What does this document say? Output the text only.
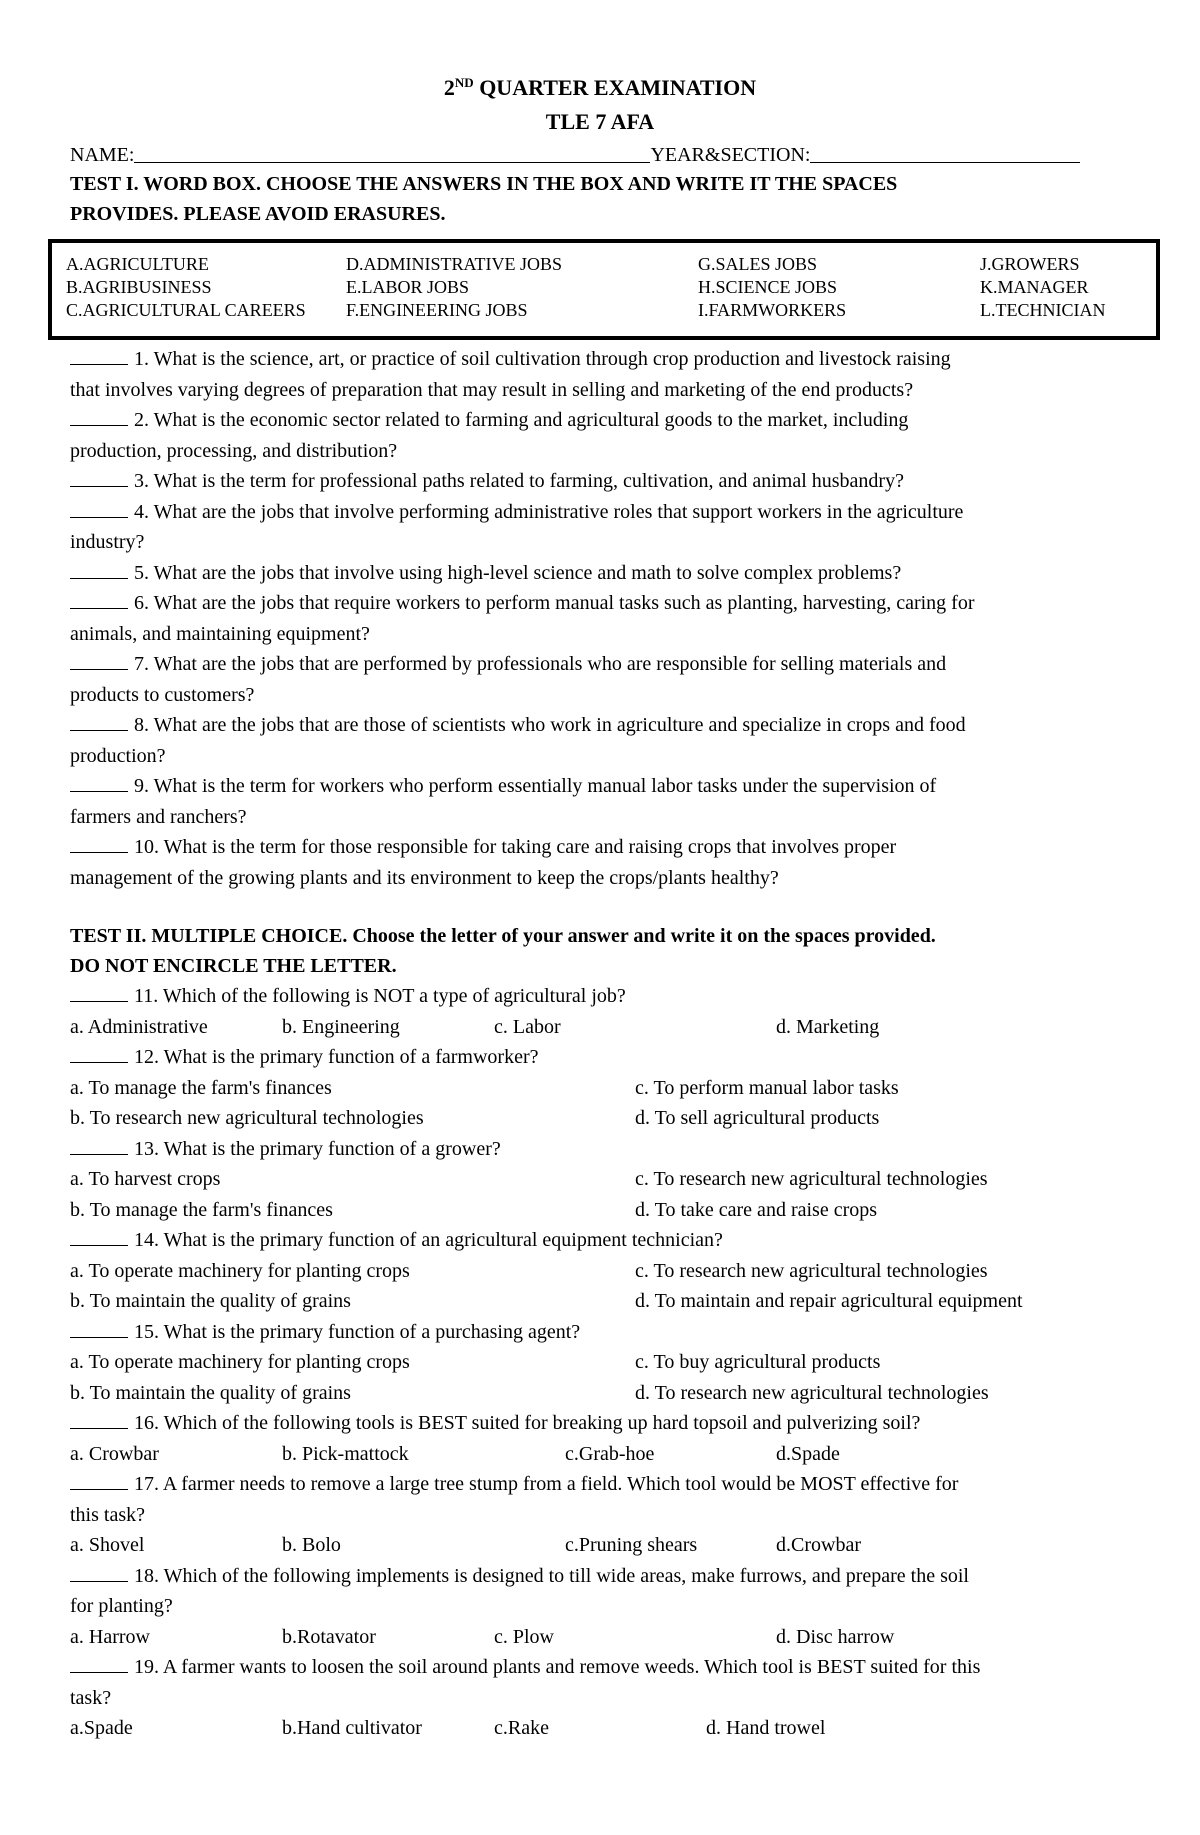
2ND QUARTER EXAMINATION
TLE 7 AFA
NAME:	YEAR&SECTION:
TEST I. WORD BOX. CHOOSE THE ANSWERS IN THE BOX AND WRITE IT THE SPACES
PROVIDES. PLEASE AVOID ERASURES.
A.AGRICULTURE	D.ADMINISTRATIVE JOBS	G.SALES JOBS	J.GROWERS
B.AGRIBUSINESS	E.LABOR JOBS	H.SCIENCE JOBS	K.MANAGER
C.AGRICULTURAL CAREERS	F.ENGINEERING JOBS	I.FARMWORKERS	L.TECHNICIAN
1. What is the science, art, or practice of soil cultivation through crop production and livestock raising
that involves varying degrees of preparation that may result in selling and marketing of the end products?
2. What is the economic sector related to farming and agricultural goods to the market, including
production, processing, and distribution?
3. What is the term for professional paths related to farming, cultivation, and animal husbandry?
4. What are the jobs that involve performing administrative roles that support workers in the agriculture
industry?
5. What are the jobs that involve using high-level science and math to solve complex problems?
6. What are the jobs that require workers to perform manual tasks such as planting, harvesting, caring for
animals, and maintaining equipment?
7. What are the jobs that are performed by professionals who are responsible for selling materials and
products to customers?
8. What are the jobs that are those of scientists who work in agriculture and specialize in crops and food
production?
9. What is the term for workers who perform essentially manual labor tasks under the supervision of
farmers and ranchers?
10. What is the term for those responsible for taking care and raising crops that involves proper
management of the growing plants and its environment to keep the crops/plants healthy?
TEST II. MULTIPLE CHOICE. Choose the letter of your answer and write it on the spaces provided.
DO NOT ENCIRCLE THE LETTER.
11. Which of the following is NOT a type of agricultural job?
a. Administrative	b. Engineering	c. Labor	d. Marketing
12. What is the primary function of a farmworker?
a. To manage the farm's finances	c. To perform manual labor tasks
b. To research new agricultural technologies	d. To sell agricultural products
13. What is the primary function of a grower?
a. To harvest crops	c. To research new agricultural technologies
b. To manage the farm's finances	d. To take care and raise crops
14. What is the primary function of an agricultural equipment technician?
a. To operate machinery for planting crops	c. To research new agricultural technologies
b. To maintain the quality of grains	d. To maintain and repair agricultural equipment
15. What is the primary function of a purchasing agent?
a. To operate machinery for planting crops	c. To buy agricultural products
b. To maintain the quality of grains	d. To research new agricultural technologies
16. Which of the following tools is BEST suited for breaking up hard topsoil and pulverizing soil?
a. Crowbar	b. Pick-mattock	c.Grab-hoe	d.Spade
17. A farmer needs to remove a large tree stump from a field. Which tool would be MOST effective for
this task?
a. Shovel	b. Bolo	c.Pruning shears	d.Crowbar
18. Which of the following implements is designed to till wide areas, make furrows, and prepare the soil
for planting?
a. Harrow	b.Rotavator	c. Plow	d. Disc harrow
19. A farmer wants to loosen the soil around plants and remove weeds. Which tool is BEST suited for this
task?
a.Spade	b.Hand cultivator	c.Rake	d. Hand trowel
